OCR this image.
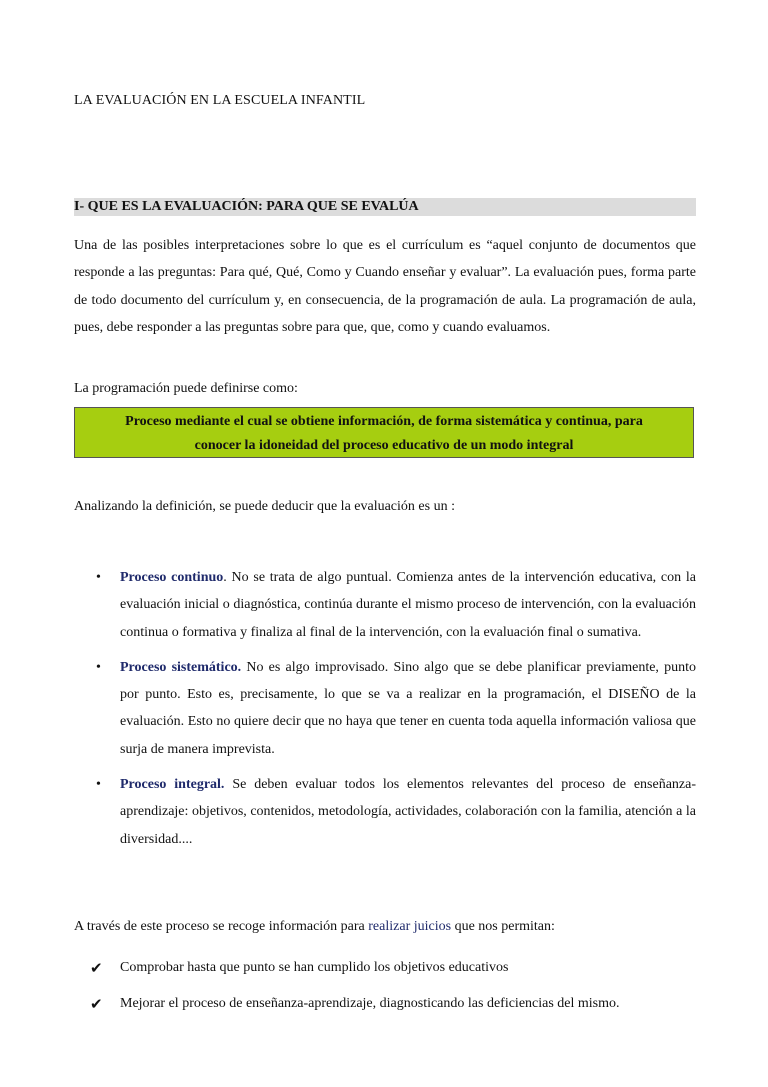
LA EVALUACIÓN EN LA ESCUELA INFANTIL
I- QUE ES LA EVALUACIÓN: PARA QUE SE EVALÚA

Una de las posibles interpretaciones sobre lo que es el currículum es “aquel conjunto de documentos que responde a las preguntas: Para qué, Qué, Como y Cuando enseñar y evaluar”. La evaluación pues, forma parte de todo documento del currículum y, en consecuencia, de la programación de aula. La programación de aula, pues, debe responder a las preguntas sobre para que, que, como y cuando evaluamos.

La programación puede definirse como:

Proceso mediante el cual se obtiene información, de forma sistemática y continua, para
conocer la idoneidad del proceso educativo de un modo integral

Analizando la definición, se puede deducir que la evaluación es un :

• Proceso continuo. No se trata de algo puntual. Comienza antes de la intervención educativa, con la evaluación inicial o diagnóstica, continúa durante el mismo proceso de intervención, con la evaluación continua o formativa y finaliza al final de la intervención, con la evaluación final o sumativa.
• Proceso sistemático. No es algo improvisado. Sino algo que se debe planificar previamente, punto por punto. Esto es, precisamente, lo que se va a realizar en la programación, el DISEÑO de la evaluación. Esto no quiere decir que no haya que tener en cuenta toda aquella información valiosa que surja de manera imprevista.
• Proceso integral. Se deben evaluar todos los elementos relevantes del proceso de enseñanza-aprendizaje: objetivos, contenidos, metodología, actividades, colaboración con la familia, atención a la diversidad....

A través de este proceso se recoge información para realizar juicios que nos permitan:

✔ Comprobar hasta que punto se han cumplido los objetivos educativos
✔ Mejorar el proceso de enseñanza-aprendizaje, diagnosticando las deficiencias del mismo.
